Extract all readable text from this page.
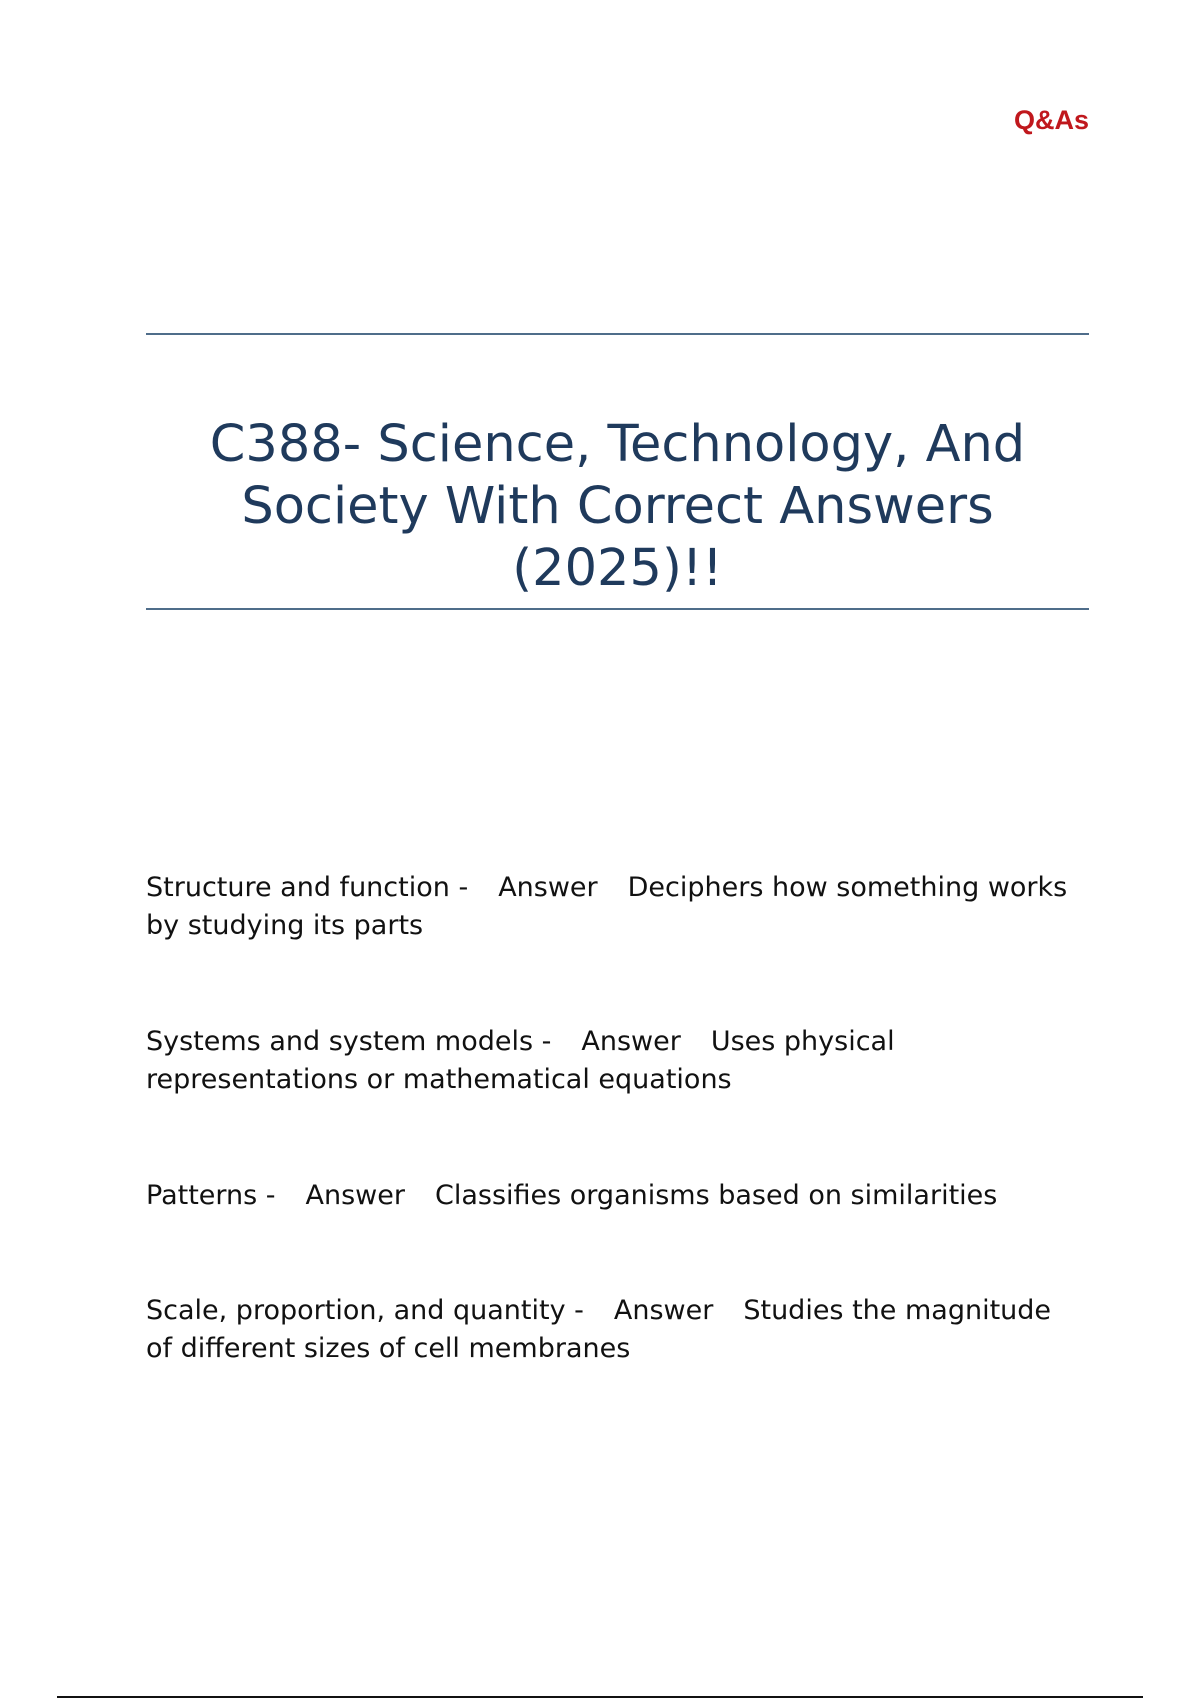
Q&As

C388- Science, Technology, And Society With Correct Answers (2025)!!
Structure and function - Answer Deciphers how something works by studying its parts
Systems and system models - Answer Uses physical representations or mathematical equations
Patterns - Answer Classifies organisms based on similarities
Scale, proportion, and quantity - Answer Studies the magnitude of different sizes of cell membranes
